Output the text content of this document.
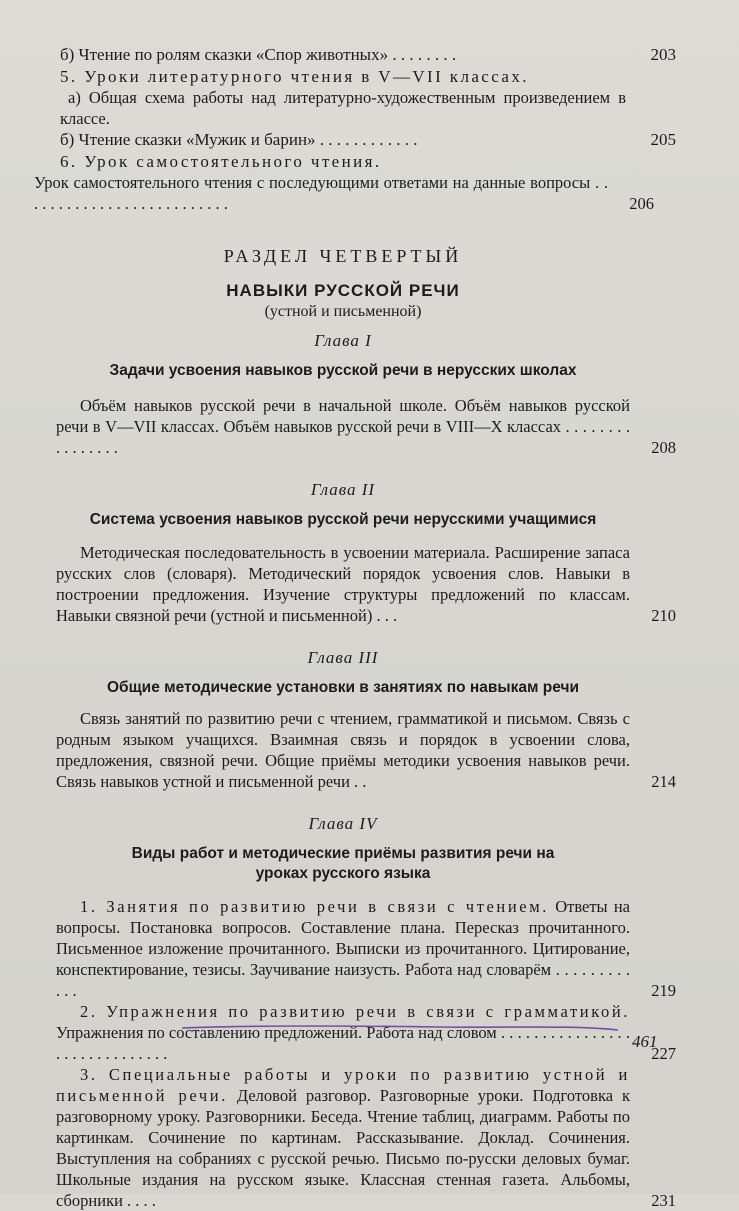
б) Чтение по ролям сказки «Спор животных» . . . . . . . .	203
5. Уроки литературного чтения в V—VII классах.
а) Общая схема работы над литературно-художественным произведением в классе.
б) Чтение сказки «Мужик и барин» . . . . . . . . . . . .	205
6. Урок самостоятельного чтения.
Урок самостоятельного чтения с последующими ответами на данные вопросы . . . . . . . . . . . . . . . . . . . . . . . . . .	206
РАЗДЕЛ ЧЕТВЕРТЫЙ
НАВЫКИ РУССКОЙ РЕЧИ
(устной и письменной)
Глава I
Задачи усвоения навыков русской речи в нерусских школах
Объём навыков русской речи в начальной школе. Объём навыков русской речи в V—VII классах. Объём навыков русской речи в VIII—X классах . . . . . . . . . . . . . . . .	208
Глава II
Система усвоения навыков русской речи нерусскими учащимися
Методическая последовательность в усвоении материала. Расширение запаса русских слов (словаря). Методический порядок усвоения слов. Навыки в построении предложения. Изучение структуры предложений по классам. Навыки связной речи (устной и письменной) . . .	210
Глава III
Общие методические установки в занятиях по навыкам речи
Связь занятий по развитию речи с чтением, грамматикой и письмом. Связь с родным языком учащихся. Взаимная связь и порядок в усвоении слова, предложения, связной речи. Общие приёмы методики усвоения навыков речи. Связь навыков устной и письменной речи . .	214
Глава IV
Виды работ и методические приёмы развития речи на уроках русского языка
1. Занятия по развитию речи в связи с чтением. Ответы на вопросы. Постановка вопросов. Составление плана. Пересказ прочитанного. Письменное изложение прочитанного. Выписки из прочитанного. Цитирование, конспектирование, тезисы. Заучивание наизусть. Работа над словарём . . . . . . . . . . . .	219
2. Упражнения по развитию речи в связи с грамматикой. Упражнения по составлению предложений. Работа над словом . . . . . . . . . . . . . . . . . . . . . . . . . . . . . .	227
3. Специальные работы и уроки по развитию устной и письменной речи. Деловой разговор. Разговорные уроки. Подготовка к разговорному уроку. Разговорники. Беседа. Чтение таблиц, диаграмм. Работы по картинкам. Сочинение по картинам. Рассказывание. Доклад. Сочинения. Выступления на собраниях с русской речью. Письмо по-русски деловых бумаг. Школьные издания на русском языке. Классная стенная газета. Альбомы, сборники . . . .	231
461
